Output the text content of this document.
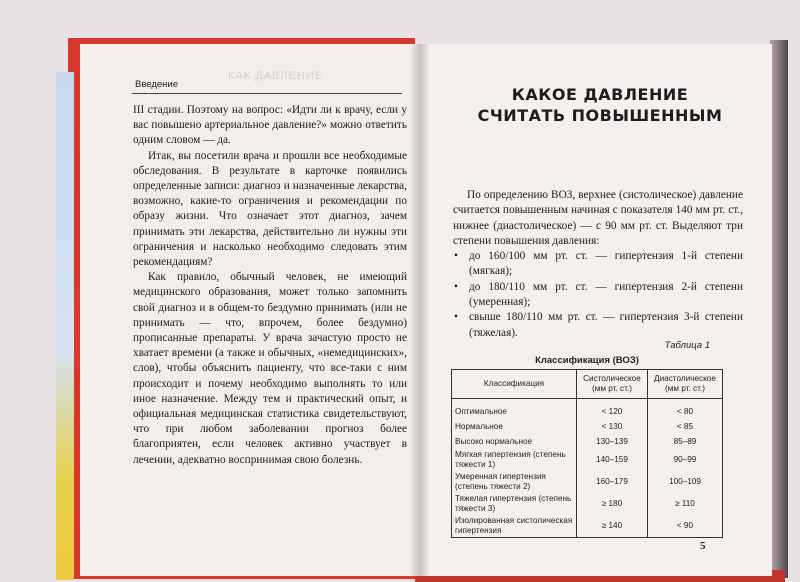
КАК ДАВЛЕНИЕ
Введение

III стадии. Поэтому на вопрос: «Идти ли к врачу, если у вас повышено артериальное давление?» можно ответить одним словом — да.

Итак, вы посетили врача и прошли все необходимые обследования. В результате в карточке появились определенные записи: диагноз и назначенные лекарства, возможно, какие-то ограничения и рекомендации по образу жизни. Что означает этот диагноз, зачем принимать эти лекарства, действительно ли нужны эти ограничения и насколько необходимо следовать этим рекомендациям?

Как правило, обычный человек, не имеющий медицинского образования, может только запомнить свой диагноз и в общем-то бездумно принимать (или не принимать — что, впрочем, более бездумно) прописанные препараты. У врача зачастую просто не хватает времени (а также и обычных, «немедицинских», слов), чтобы объяснить пациенту, что все-таки с ним происходит и почему необходимо выполнять то или иное назначение. Между тем и практический опыт, и официальная медицинская статистика свидетельствуют, что при любом заболевании прогноз более благоприятен, если человек активно участвует в лечении, адекватно воспринимая свою болезнь.

КАКОЕ ДАВЛЕНИЕ
СЧИТАТЬ ПОВЫШЕННЫМ

По определению ВОЗ, верхнее (систолическое) давление считается повышенным начиная с показателя 140 мм рт. ст., нижнее (диастолическое) — с 90 мм рт. ст. Выделяют три степени повышения давления:

• до 160/100 мм рт. ст. — гипертензия 1-й степени (мягкая);
• до 180/110 мм рт. ст. — гипертензия 2-й степени (умеренная);
• свыше 180/110 мм рт. ст. — гипертензия 3-й степени (тяжелая).
Таблица 1
Классификация (ВОЗ)
Классификация	Систолическое (мм рт. ст.)	Диастолическое (мм рт. ст.)
Оптимальное	< 120	< 80
Нормальное	< 130	< 85
Высоко нормальное	130–139	85–89
Мягкая гипертензия (степень тяжести 1)	140–159	90–99
Умеренная гипертензия (степень тяжести 2)	160–179	100–109
Тяжелая гипертензия (степень тяжести 3)	≥ 180	≥ 110
Изолированная систолическая гипертензия	≥ 140	< 90
5
